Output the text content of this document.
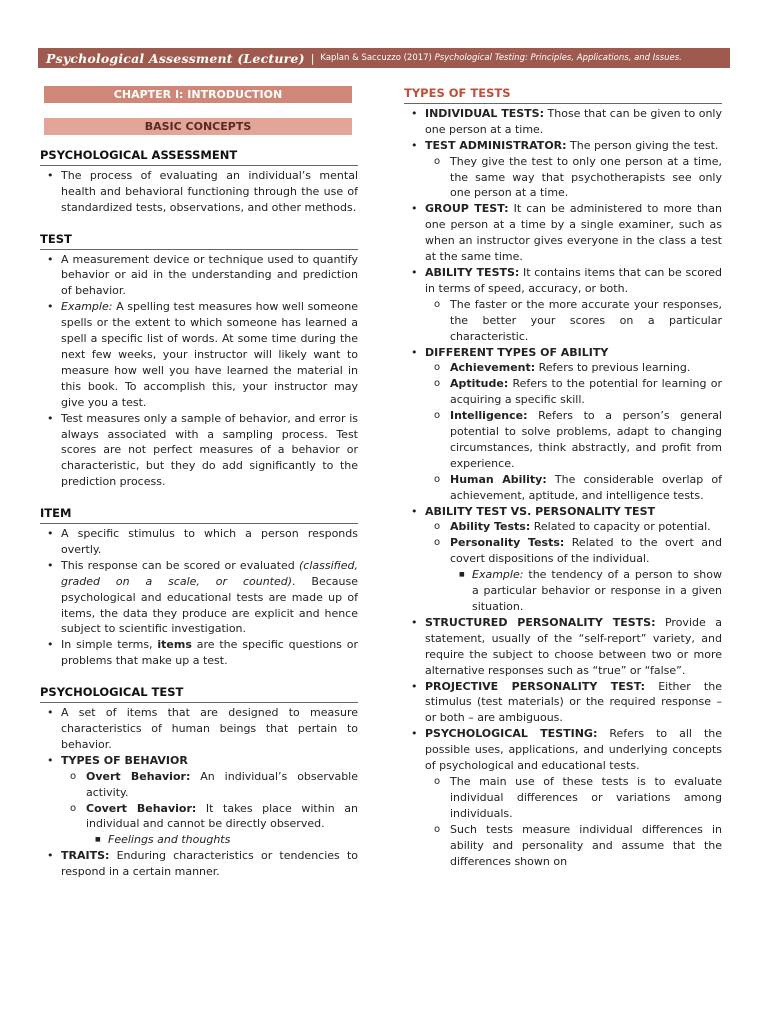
Psychological Assessment (Lecture) | Kaplan & Saccuzzo (2017) Psychological Testing: Principles, Applications, and Issues.
CHAPTER I: INTRODUCTION
BASIC CONCEPTS
PSYCHOLOGICAL ASSESSMENT
• The process of evaluating an individual’s mental health and behavioral functioning through the use of standardized tests, observations, and other methods.
TEST
• A measurement device or technique used to quantify behavior or aid in the understanding and prediction of behavior.
• Example: A spelling test measures how well someone spells or the extent to which someone has learned a spell a specific list of words. At some time during the next few weeks, your instructor will likely want to measure how well you have learned the material in this book. To accomplish this, your instructor may give you a test.
• Test measures only a sample of behavior, and error is always associated with a sampling process. Test scores are not perfect measures of a behavior or characteristic, but they do add significantly to the prediction process.
ITEM
• A specific stimulus to which a person responds overtly.
• This response can be scored or evaluated (classified, graded on a scale, or counted). Because psychological and educational tests are made up of items, the data they produce are explicit and hence subject to scientific investigation.
• In simple terms, items are the specific questions or problems that make up a test.
PSYCHOLOGICAL TEST
• A set of items that are designed to measure characteristics of human beings that pertain to behavior.
• TYPES OF BEHAVIOR
o Overt Behavior: An individual’s observable activity.
o Covert Behavior: It takes place within an individual and cannot be directly observed.
■ Feelings and thoughts
• TRAITS: Enduring characteristics or tendencies to respond in a certain manner.
TYPES OF TESTS
• INDIVIDUAL TESTS: Those that can be given to only one person at a time.
• TEST ADMINISTRATOR: The person giving the test.
o They give the test to only one person at a time, the same way that psychotherapists see only one person at a time.
• GROUP TEST: It can be administered to more than one person at a time by a single examiner, such as when an instructor gives everyone in the class a test at the same time.
• ABILITY TESTS: It contains items that can be scored in terms of speed, accuracy, or both.
o The faster or the more accurate your responses, the better your scores on a particular characteristic.
• DIFFERENT TYPES OF ABILITY
o Achievement: Refers to previous learning.
o Aptitude: Refers to the potential for learning or acquiring a specific skill.
o Intelligence: Refers to a person’s general potential to solve problems, adapt to changing circumstances, think abstractly, and profit from experience.
o Human Ability: The considerable overlap of achievement, aptitude, and intelligence tests.
• ABILITY TEST VS. PERSONALITY TEST
o Ability Tests: Related to capacity or potential.
o Personality Tests: Related to the overt and covert dispositions of the individual.
■ Example: the tendency of a person to show a particular behavior or response in a given situation.
• STRUCTURED PERSONALITY TESTS: Provide a statement, usually of the “self-report” variety, and require the subject to choose between two or more alternative responses such as “true” or “false”.
• PROJECTIVE PERSONALITY TEST: Either the stimulus (test materials) or the required response – or both – are ambiguous.
• PSYCHOLOGICAL TESTING: Refers to all the possible uses, applications, and underlying concepts of psychological and educational tests.
o The main use of these tests is to evaluate individual differences or variations among individuals.
o Such tests measure individual differences in ability and personality and assume that the differences shown on
